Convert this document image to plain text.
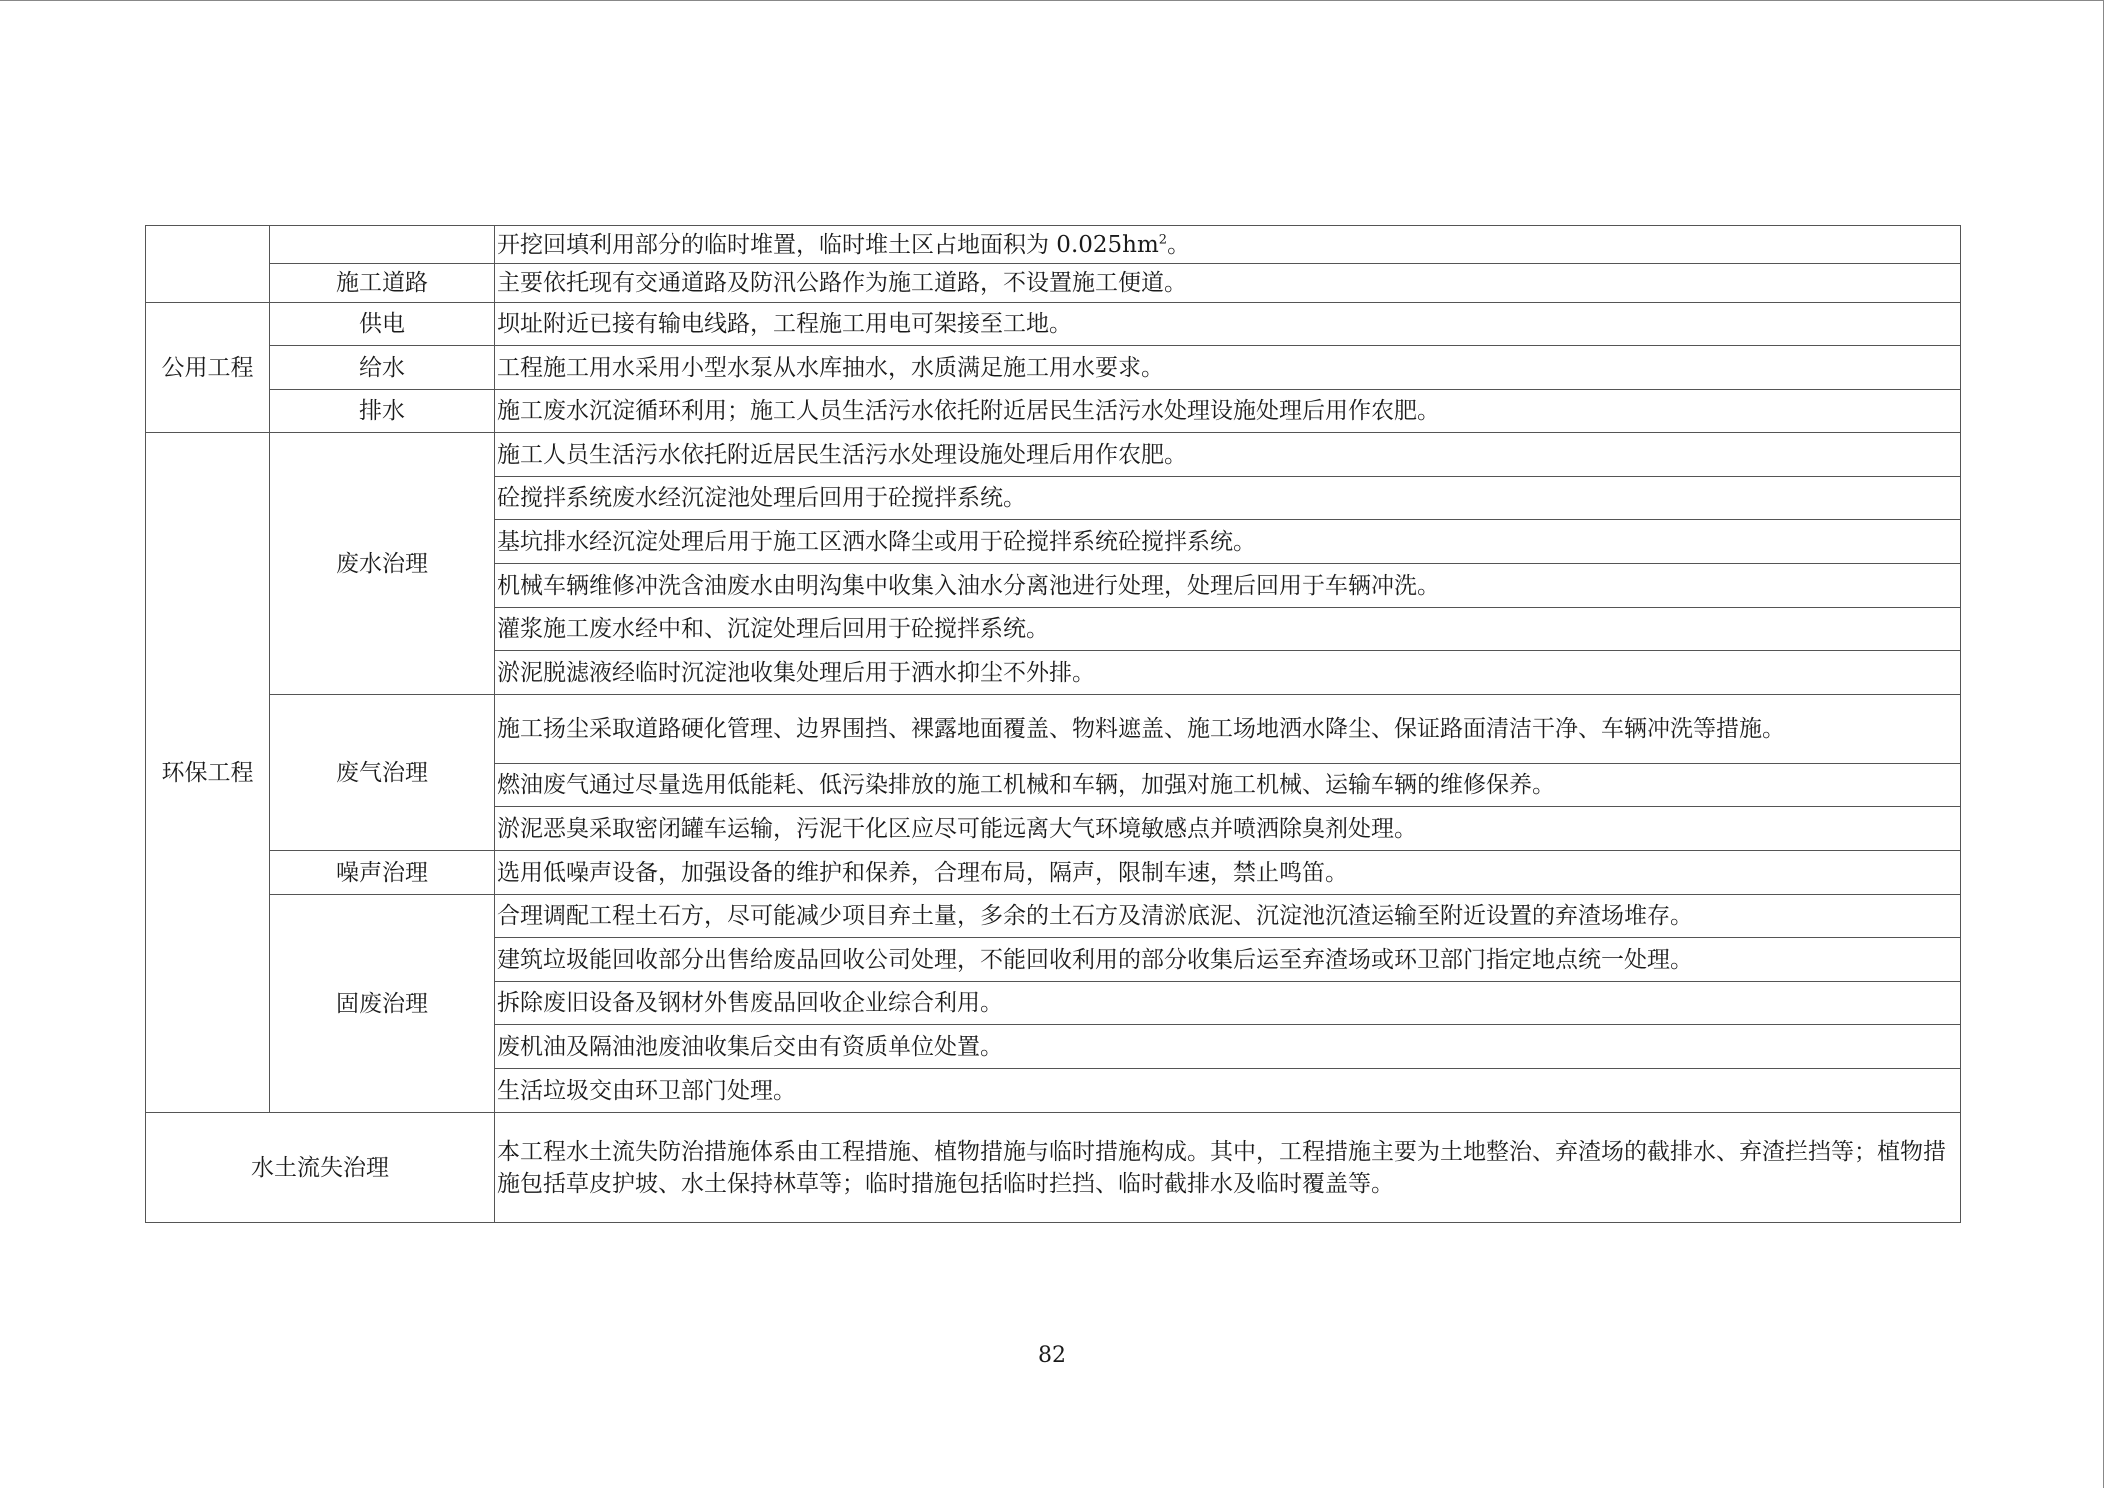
		开挖回填利用部分的临时堆置，临时堆土区占地面积为 $0.025hm^2$。
	施工道路	主要依托现有交通道路及防汛公路作为施工道路，不设置施工便道。
公用工程	供电	坝址附近已接有输电线路，工程施工用电可架接至工地。
	给水	工程施工用水采用小型水泵从水库抽水，水质满足施工用水要求。
	排水	施工废水沉淀循环利用；施工人员生活污水依托附近居民生活污水处理设施处理后用作农肥。
环保工程	废水治理	施工人员生活污水依托附近居民生活污水处理设施处理后用作农肥。
		砼搅拌系统废水经沉淀池处理后回用于砼搅拌系统。
		基坑排水经沉淀处理后用于施工区洒水降尘或用于砼搅拌系统砼搅拌系统。
		机械车辆维修冲洗含油废水由明沟集中收集入油水分离池进行处理，处理后回用于车辆冲洗。
		灌浆施工废水经中和、沉淀处理后回用于砼搅拌系统。
		淤泥脱滤液经临时沉淀池收集处理后用于洒水抑尘不外排。
	废气治理	施工扬尘采取道路硬化管理、边界围挡、裸露地面覆盖、物料遮盖、施工场地洒水降尘、保证路面清洁干净、车辆冲洗等措施。
		燃油废气通过尽量选用低能耗、低污染排放的施工机械和车辆，加强对施工机械、运输车辆的维修保养。
		淤泥恶臭采取密闭罐车运输，污泥干化区应尽可能远离大气环境敏感点并喷洒除臭剂处理。
	噪声治理	选用低噪声设备，加强设备的维护和保养，合理布局，隔声，限制车速，禁止鸣笛。
	固废治理	合理调配工程土石方，尽可能减少项目弃土量，多余的土石方及清淤底泥、沉淀池沉渣运输至附近设置的弃渣场堆存。
		建筑垃圾能回收部分出售给废品回收公司处理，不能回收利用的部分收集后运至弃渣场或环卫部门指定地点统一处理。
		拆除废旧设备及钢材外售废品回收企业综合利用。
		废机油及隔油池废油收集后交由有资质单位处置。
		生活垃圾交由环卫部门处理。
水土流失治理		本工程水土流失防治措施体系由工程措施、植物措施与临时措施构成。其中，工程措施主要为土地整治、弃渣场的截排水、弃渣拦挡等；植物措施包括草皮护坡、水土保持林草等；临时措施包括临时拦挡、临时截排水及临时覆盖等。
82
